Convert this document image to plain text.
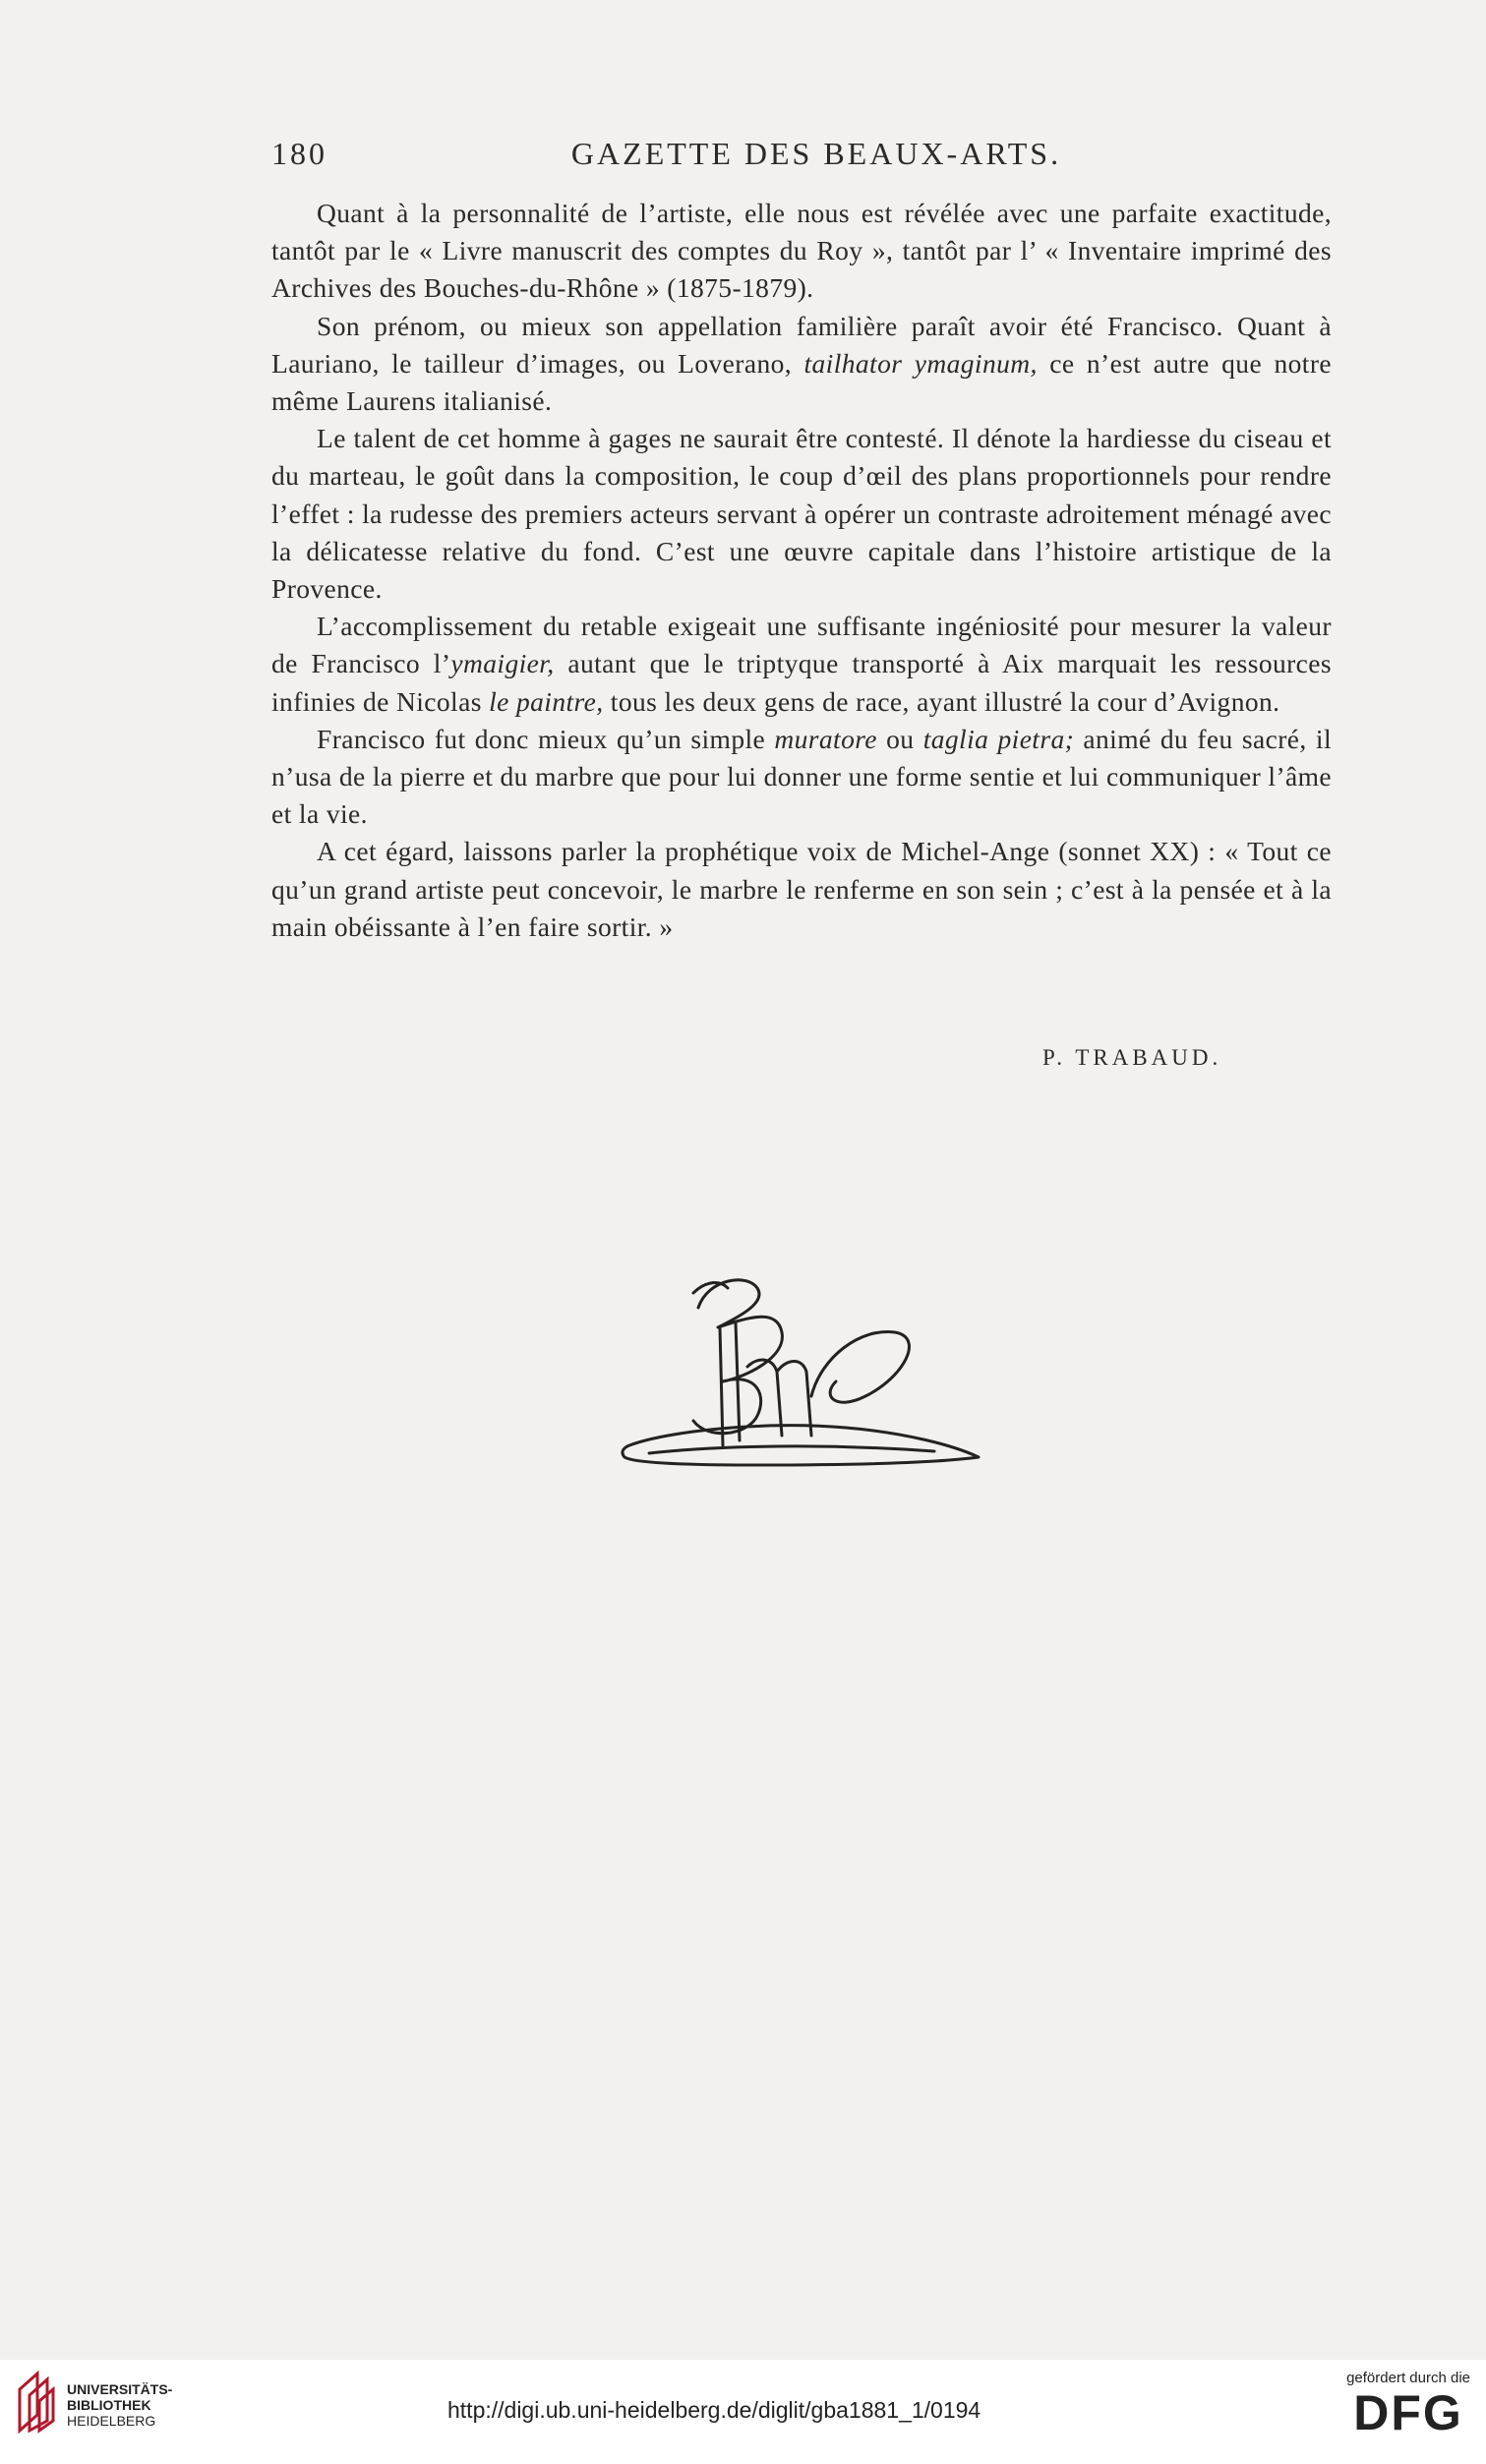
180	GAZETTE DES BEAUX-ARTS.

Quant à la personnalité de l’artiste, elle nous est révélée avec une parfaite exactitude, tantôt par le « Livre manuscrit des comptes du Roy », tantôt par l’ « Inventaire imprimé des Archives des Bouches-du-Rhône » (1875-1879).

Son prénom, ou mieux son appellation familière paraît avoir été Francisco. Quant à Lauriano, le tailleur d’images, ou Loverano, tailhator ymaginum, ce n’est autre que notre même Laurens italianisé.

Le talent de cet homme à gages ne saurait être contesté. Il dénote la hardiesse du ciseau et du marteau, le goût dans la composition, le coup d’œil des plans proportionnels pour rendre l’effet : la rudesse des premiers acteurs servant à opérer un contraste adroitement ménagé avec la délicatesse relative du fond. C’est une œuvre capitale dans l’histoire artistique de la Provence.

L’accomplissement du retable exigeait une suffisante ingéniosité pour mesurer la valeur de Francisco l’ymaigier, autant que le triptyque transporté à Aix marquait les ressources infinies de Nicolas le paintre, tous les deux gens de race, ayant illustré la cour d’Avignon.

Francisco fut donc mieux qu’un simple muratore ou taglia pietra; animé du feu sacré, il n’usa de la pierre et du marbre que pour lui donner une forme sentie et lui communiquer l’âme et la vie.

A cet égard, laissons parler la prophétique voix de Michel-Ange (sonnet XX) : « Tout ce qu’un grand artiste peut concevoir, le marbre le renferme en son sein ; c’est à la pensée et à la main obéissante à l’en faire sortir. »

P. TRABAUD.
UNIVERSITÄTS-
BIBLIOTHEK
HEIDELBERG	http://digi.ub.uni-heidelberg.de/diglit/gba1881_1/0194
gefördert durch die
DFG
